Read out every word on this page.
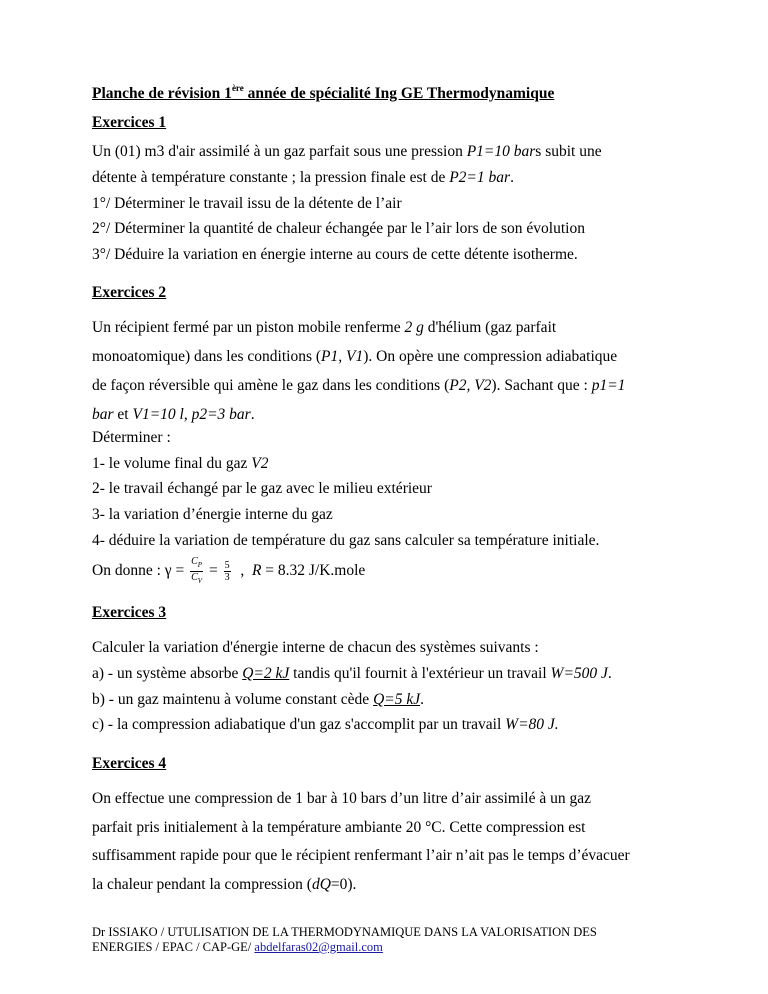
Planche de révision 1ère année de spécialité Ing GE Thermodynamique
Exercices 1
Un (01) m3 d'air assimilé à un gaz parfait sous une pression P1=10 bars subit une
détente à température constante ; la pression finale est de P2=1 bar.
1°/ Déterminer le travail issu de la détente de l’air
2°/ Déterminer la quantité de chaleur échangée par le l’air lors de son évolution
3°/ Déduire la variation en énergie interne au cours de cette détente isotherme.
Exercices 2
Un récipient fermé par un piston mobile renferme 2 g d'hélium (gaz parfait
monoatomique) dans les conditions (P1, V1). On opère une compression adiabatique
de façon réversible qui amène le gaz dans les conditions (P2, V2). Sachant que : p1=1
bar et V1=10 l, p2=3 bar.
Déterminer :
1- le volume final du gaz V2
2- le travail échangé par le gaz avec le milieu extérieur
3- la variation d’énergie interne du gaz
4- déduire la variation de température du gaz sans calculer sa température initiale.
On donne : $\gamma = \frac{C_P}{C_V} = \frac{5}{3}$ ,  R = 8.32 J/K.mole
Exercices 3
Calculer la variation d'énergie interne de chacun des systèmes suivants :
a) - un système absorbe Q=2 kJ tandis qu'il fournit à l'extérieur un travail W=500 J.
b) - un gaz maintenu à volume constant cède Q=5 kJ.
c) - la compression adiabatique d'un gaz s'accomplit par un travail W=80 J.
Exercices 4
On effectue une compression de 1 bar à 10 bars d’un litre d’air assimilé à un gaz
parfait pris initialement à la température ambiante 20 °C. Cette compression est
suffisamment rapide pour que le récipient renfermant l’air n’ait pas le temps d’évacuer
la chaleur pendant la compression (dQ=0).
Dr ISSIAKO / UTULISATION DE LA THERMODYNAMIQUE DANS LA VALORISATION DES
ENERGIES / EPAC / CAP-GE/ abdelfaras02@gmail.com
